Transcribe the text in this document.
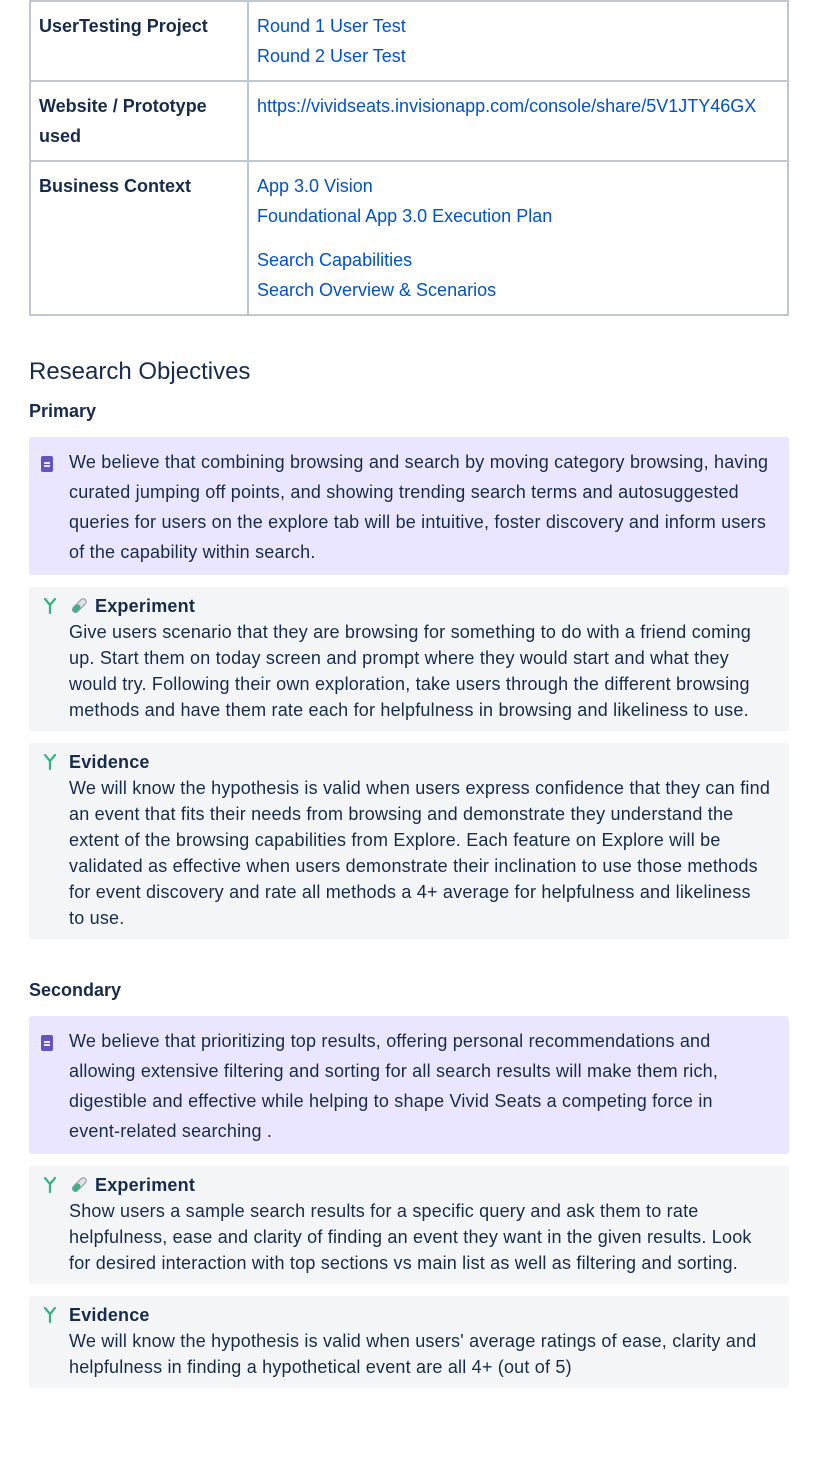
UserTesting Project	Round 1 User Test
Round 2 User Test

Website / Prototype used	https://vividseats.invisionapp.com/console/share/5V1JTY46GX

Business Context	App 3.0 Vision
Foundational App 3.0 Execution Plan
Search Capabilities
Search Overview & Scenarios
Research Objectives
Primary
We believe that combining browsing and search by moving category browsing, having curated jumping off points, and showing trending search terms and autosuggested queries for users on the explore tab will be intuitive, foster discovery and inform users of the capability within search.
Experiment
Give users scenario that they are browsing for something to do with a friend coming up. Start them on today screen and prompt where they would start and what they would try. Following their own exploration, take users through the different browsing methods and have them rate each for helpfulness in browsing and likeliness to use.
Evidence
We will know the hypothesis is valid when users express confidence that they can find an event that fits their needs from browsing and demonstrate they understand the extent of the browsing capabilities from Explore. Each feature on Explore will be validated as effective when users demonstrate their inclination to use those methods for event discovery and rate all methods a 4+ average for helpfulness and likeliness to use.
Secondary
We believe that prioritizing top results, offering personal recommendations and allowing extensive filtering and sorting for all search results will make them rich, digestible and effective while helping to shape Vivid Seats a competing force in event-related searching .
Experiment
Show users a sample search results for a specific query and ask them to rate helpfulness, ease and clarity of finding an event they want in the given results. Look for desired interaction with top sections vs main list as well as filtering and sorting.
Evidence
We will know the hypothesis is valid when users' average ratings of ease, clarity and helpfulness in finding a hypothetical event are all 4+ (out of 5)
